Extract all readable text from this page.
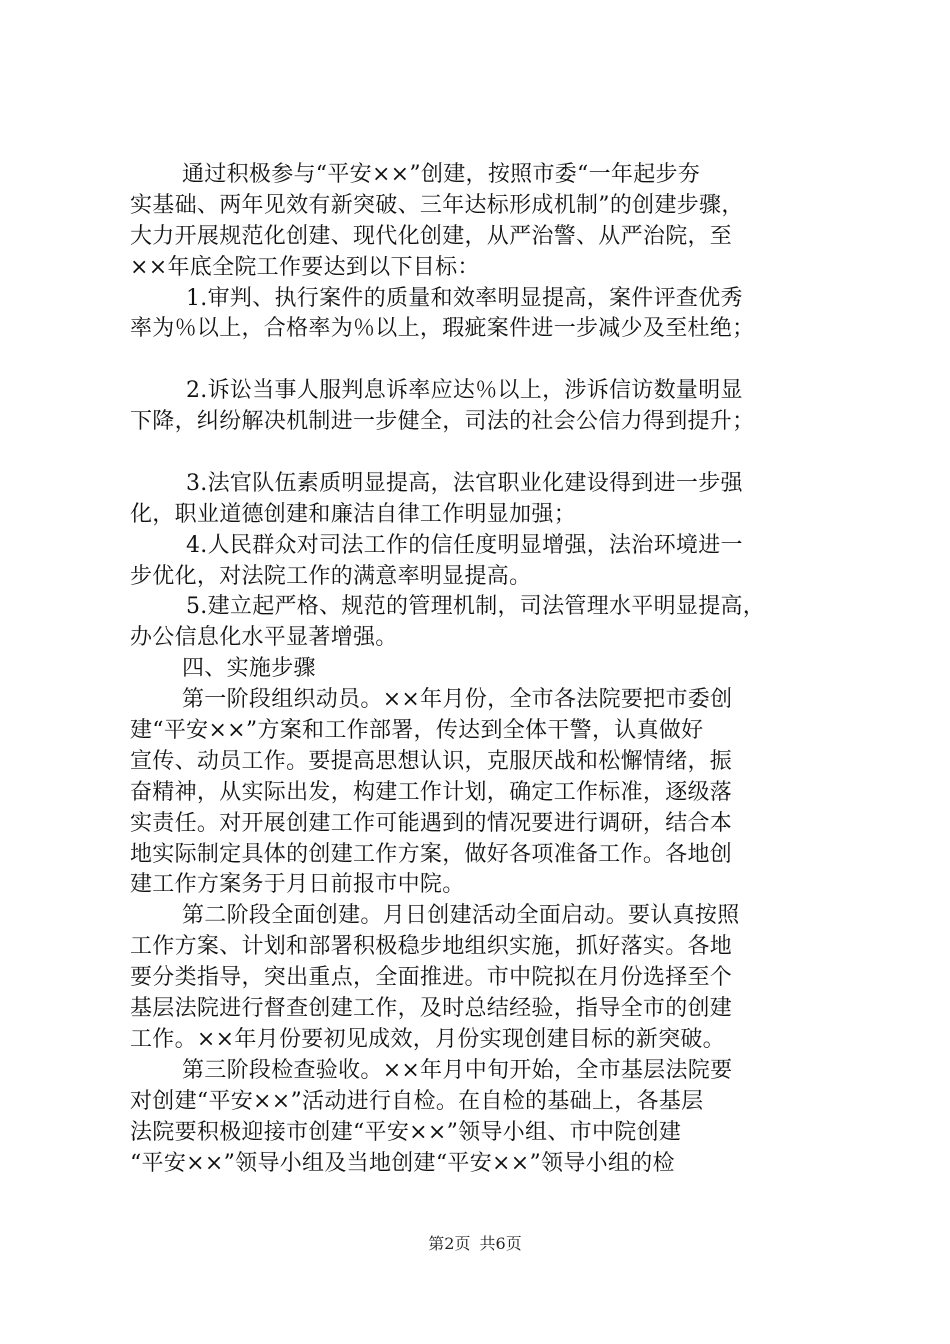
通过积极参与“平安××”创建，按照市委“一年起步夯
实基础、两年见效有新突破、三年达标形成机制”的创建步骤，
大力开展规范化创建、现代化创建，从严治警、从严治院，至
××年底全院工作要达到以下目标：
1.审判、执行案件的质量和效率明显提高，案件评查优秀
率为％以上，合格率为％以上，瑕疵案件进一步减少及至杜绝；
2.诉讼当事人服判息诉率应达％以上，涉诉信访数量明显
下降，纠纷解决机制进一步健全，司法的社会公信力得到提升；
3.法官队伍素质明显提高，法官职业化建设得到进一步强
化，职业道德创建和廉洁自律工作明显加强；
4.人民群众对司法工作的信任度明显增强，法治环境进一
步优化，对法院工作的满意率明显提高。
5.建立起严格、规范的管理机制，司法管理水平明显提高，
办公信息化水平显著增强。
四、实施步骤
第一阶段组织动员。××年月份，全市各法院要把市委创
建“平安××”方案和工作部署，传达到全体干警，认真做好
宣传、动员工作。要提高思想认识，克服厌战和松懈情绪，振
奋精神，从实际出发，构建工作计划，确定工作标准，逐级落
实责任。对开展创建工作可能遇到的情况要进行调研，结合本
地实际制定具体的创建工作方案，做好各项准备工作。各地创
建工作方案务于月日前报市中院。
第二阶段全面创建。月日创建活动全面启动。要认真按照
工作方案、计划和部署积极稳步地组织实施，抓好落实。各地
要分类指导，突出重点，全面推进。市中院拟在月份选择至个
基层法院进行督查创建工作，及时总结经验，指导全市的创建
工作。××年月份要初见成效，月份实现创建目标的新突破。
第三阶段检查验收。××年月中旬开始，全市基层法院要
对创建“平安××”活动进行自检。在自检的基础上，各基层
法院要积极迎接市创建“平安××”领导小组、市中院创建
“平安××”领导小组及当地创建“平安××”领导小组的检
第2页 共6页
